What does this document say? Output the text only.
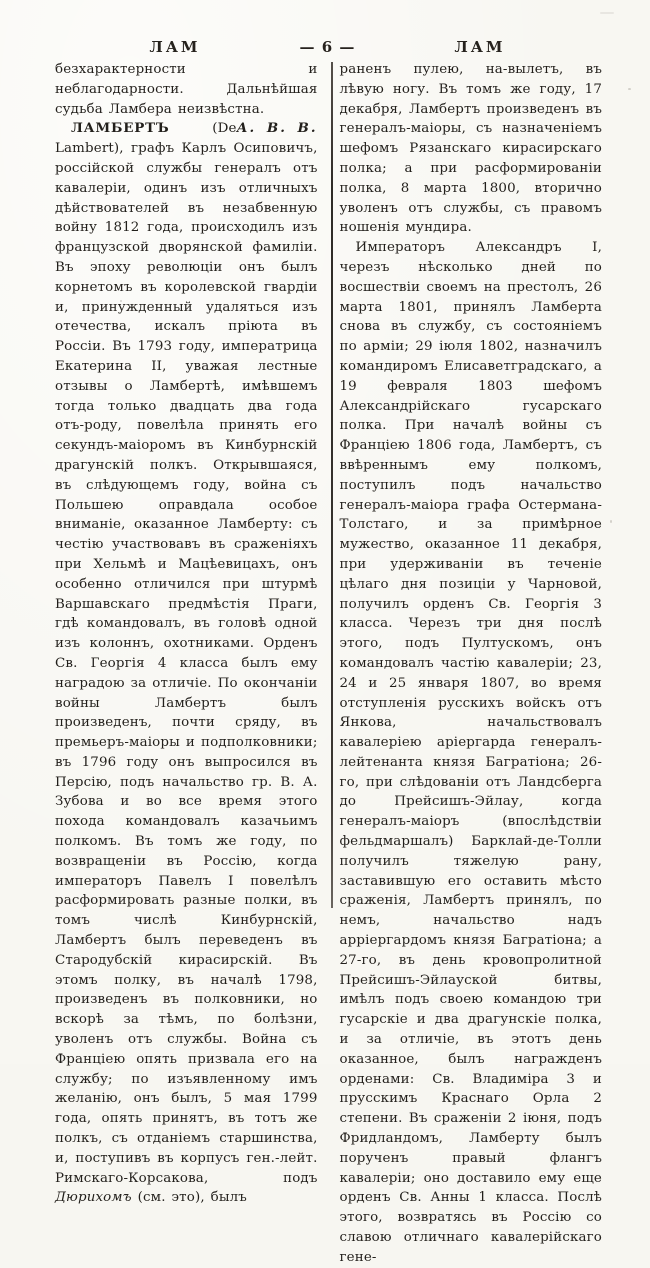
ЛАМ	— 6 —	ЛАМ

безхарактерности и неблагодарности. Дальнѣйшая судьба Ламбера неизвѣстна.
А. В. В.

ЛАМБЕРТЪ (De Lambert), графъ Карлъ Осиповичъ, россійской службы генералъ отъ кавалеріи, одинъ изъ отличныхъ дѣйствователей въ незабвенную войну 1812 года, происходилъ изъ французской дворянской фамиліи. Въ эпоху революціи онъ былъ корнетомъ въ королевской гвардіи и, принужденный удаляться изъ отечества, искалъ пріюта въ Россіи. Въ 1793 году, императрица Екатерина II, уважая лестные отзывы о Ламбертѣ, имѣвшемъ тогда только двадцать два года отъ-роду, повелѣла принять его секундъ-маіоромъ въ Кинбурнскій драгунскій полкъ. Открывшаяся, въ слѣдующемъ году, война съ Польшею оправдала особое вниманіе, оказанное Ламберту: съ честію участвовавъ въ сраженіяхъ при Хельмѣ и Мацѣевицахъ, онъ особенно отличился при штурмѣ Варшавскаго предмѣстія Праги, гдѣ командовалъ, въ головѣ одной изъ колоннъ, охотниками. Орденъ Св. Георгія 4 класса былъ ему наградою за отличіе. По окончаніи войны Ламбертъ былъ произведенъ, почти сряду, въ премьеръ-маіоры и подполковники; въ 1796 году онъ выпросился въ Персію, подъ начальство гр. В. А. Зубова и во все время этого похода командовалъ казачьимъ полкомъ. Въ томъ же году, по возвращеніи въ Россію, когда императоръ Павелъ I повелѣлъ расформировать разные полки, въ томъ числѣ Кинбурнскій, Ламбертъ былъ переведенъ въ Стародубскій кирасирскій. Въ этомъ полку, въ началѣ 1798, произведенъ въ полковники, но вскорѣ за тѣмъ, по болѣзни, уволенъ отъ службы. Война съ Франціею опять призвала его на службу; по изъявленному имъ желанію, онъ былъ, 5 мая 1799 года, опять принятъ, въ тотъ же полкъ, съ отданіемъ старшинства, и, поступивъ въ корпусъ ген.-лейт. Римскаго-Корсакова, подъ Дюрихомъ (см. это), былъ

раненъ пулею, на-вылетъ, въ лѣвую ногу. Въ томъ же году, 17 декабря, Ламбертъ произведенъ въ генералъ-маіоры, съ назначеніемъ шефомъ Рязанскаго кирасирскаго полка; а при расформированіи полка, 8 марта 1800, вторично уволенъ отъ службы, съ правомъ ношенія мундира.

Императоръ Александръ I, черезъ нѣсколько дней по восшествіи своемъ на престолъ, 26 марта 1801, принялъ Ламберта снова въ службу, съ состояніемъ по арміи; 29 іюля 1802, назначилъ командиромъ Елисаветградскаго, а 19 февраля 1803 шефомъ Александрійскаго гусарскаго полка. При началѣ войны съ Франціею 1806 года, Ламбертъ, съ ввѣреннымъ ему полкомъ, поступилъ подъ начальство генералъ-маіора графа Остермана-Толстаго, и за примѣрное мужество, оказанное 11 декабря, при удерживаніи въ теченіе цѣлаго дня позиціи у Чарновой, получилъ орденъ Св. Георгія 3 класса. Черезъ три дня послѣ этого, подъ Пултускомъ, онъ командовалъ частію кавалеріи; 23, 24 и 25 января 1807, во время отступленія русскихъ войскъ отъ Янкова, начальствовалъ кавалеріею аріергарда генералъ-лейтенанта князя Багратіона; 26-го, при слѣдованіи отъ Ландсберга до Прейсишъ-Эйлау, когда генералъ-маіоръ (впослѣдствіи фельдмаршалъ) Барклай-де-Толли получилъ тяжелую рану, заставившую его оставить мѣсто сраженія, Ламбертъ принялъ, по немъ, начальство надъ арріергардомъ князя Багратіона; а 27-го, въ день кровопролитной Прейсишъ-Эйлауской битвы, имѣлъ подъ своею командою три гусарскіе и два драгунскіе полка, и за отличіе, въ этотъ день оказанное, былъ награжденъ орденами: Св. Владиміра 3 и прусскимъ Краснаго Орла 2 степени. Въ сраженіи 2 іюня, подъ Фридландомъ, Ламберту былъ порученъ правый флангъ кавалеріи; оно доставило ему еще орденъ Св. Анны 1 класса. Послѣ этого, возвратясь въ Россію со славою отличнаго кавалерійскаго гене-
